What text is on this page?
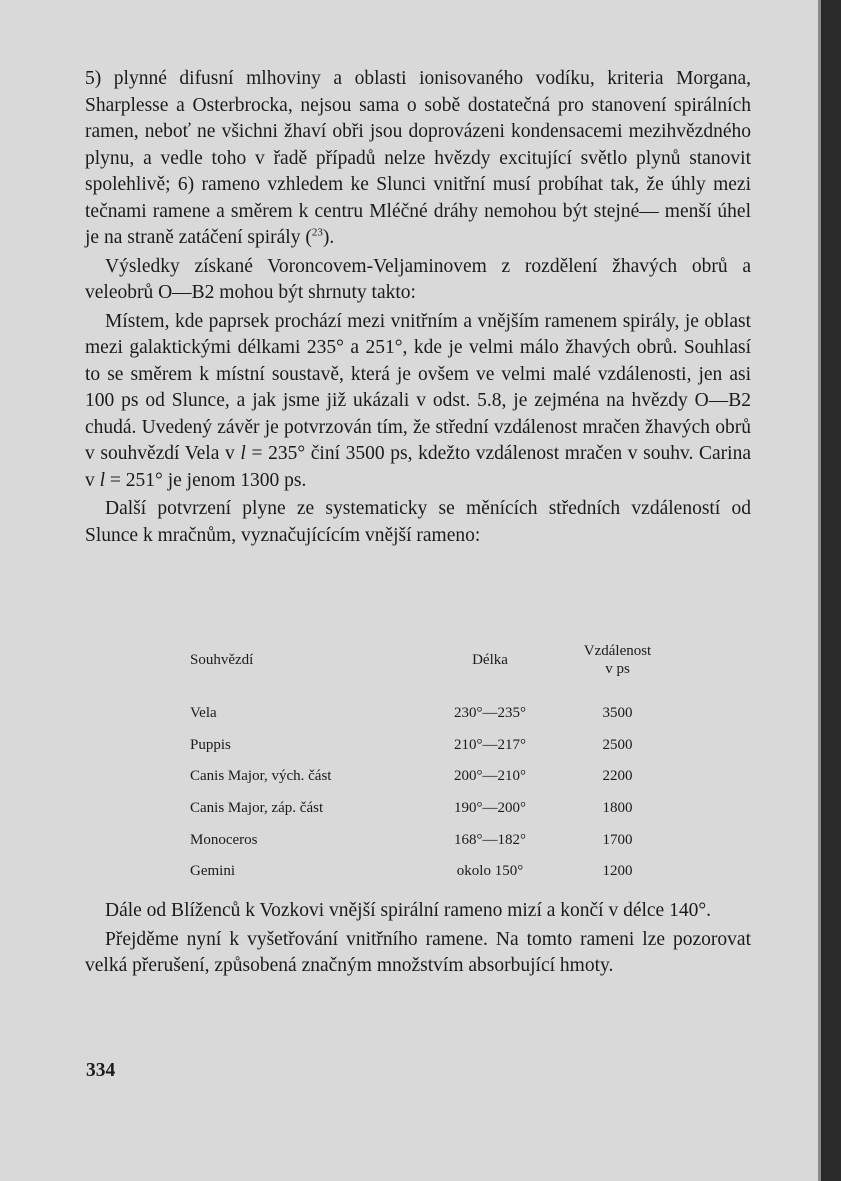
5) plynné difusní mlhoviny a oblasti ionisovaného vodíku, kriteria Morgana, Sharplesse a Osterbrocka, nejsou sama o sobě dostatečná pro stanovení spirálních ramen, neboť ne všichni žhaví obři jsou doprovázeni kondensacemi mezihvězdného plynu, a vedle toho v řadě případů nelze hvězdy excitující světlo plynů stanovit spolehlivě; 6) rameno vzhledem ke Slunci vnitřní musí probíhat tak, že úhly mezi tečnami ramene a směrem k centru Mléčné dráhy nemohou být stejné— menší úhel je na straně zatáčení spirály ($^{23}$).

Výsledky získané Voroncovem-Veljaminovem z rozdělení žhavých obrů a veleobrů O—B2 mohou být shrnuty takto:

Místem, kde paprsek prochází mezi vnitřním a vnějším ramenem spirály, je oblast mezi galaktickými délkami 235° a 251°, kde je velmi málo žhavých obrů. Souhlasí to se směrem k místní soustavě, která je ovšem ve velmi malé vzdálenosti, jen asi 100 ps od Slunce, a jak jsme již ukázali v odst. 5.8, je zejména na hvězdy O—B2 chudá. Uvedený závěr je potvrzován tím, že střední vzdálenost mračen žhavých obrů v souhvězdí Vela v l = 235° činí 3500 ps, kdežto vzdálenost mračen v souhv. Carina v l = 251° je jenom 1300 ps.

Další potvrzení plyne ze systematicky se měnících středních vzdáleností od Slunce k mračnům, vyznačujícícím vnější rameno:

Souhvězdí	Délka	Vzdálenost
v ps

Vela	230°—235°	3500
Puppis	210°—217°	2500
Canis Major, vých. část	200°—210°	2200
Canis Major, záp. část	190°—200°	1800
Monoceros	168°—182°	1700
Gemini	okolo 150°	1200

Dále od Blíženců k Vozkovi vnější spirální rameno mizí a končí v délce 140°.

Přejděme nyní k vyšetřování vnitřního ramene. Na tomto rameni lze pozorovat velká přerušení, způsobená značným množstvím absorbující hmoty.

334
